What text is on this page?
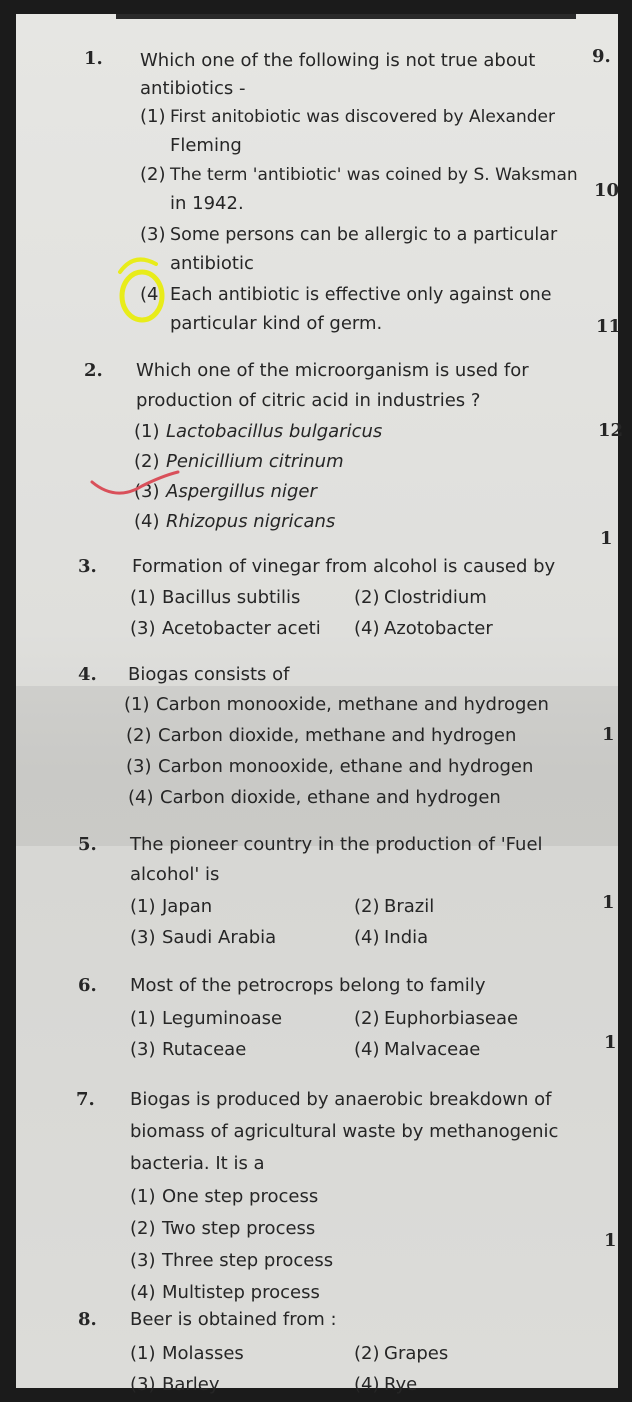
1. Which one of the following is not true about
antibiotics -
(1) First anitobiotic was discovered by Alexander
Fleming
(2) The term 'antibiotic' was coined by S. Waksman
in 1942.
(3) Some persons can be allergic to a particular
antibiotic
(4) Each antibiotic is effective only against one
particular kind of germ.
2. Which one of the microorganism is used for
production of citric acid in industries ?
(1) Lactobacillus bulgaricus
(2) Penicillium citrinum
(3) Aspergillus niger
(4) Rhizopus nigricans
3. Formation of vinegar from alcohol is caused by
(1) Bacillus subtilis	(2) Clostridium
(3) Acetobacter aceti (4) Azotobacter
4. Biogas consists of
(1) Carbon monooxide, methane and hydrogen
(2) Carbon dioxide, methane and hydrogen
(3) Carbon monooxide, ethane and hydrogen
(4) Carbon dioxide, ethane and hydrogen
5. The pioneer country in the production of 'Fuel
alcohol' is
(1) Japan	(2) Brazil
(3) Saudi Arabia	(4) India
6. Most of the petrocrops belong to family
(1) Leguminoase	(2) Euphorbiaseae
(3) Rutaceae	(4) Malvaceae
7. Biogas is produced by anaerobic breakdown of
biomass of agricultural waste by methanogenic
bacteria. It is a
(1) One step process
(2) Two step process
(3) Three step process
(4) Multistep process
8. Beer is obtained from :
(1) Molasses	(2) Grapes
(3) Barley	(4) Rye
9.
10
11
12
1
1
1
1
1
